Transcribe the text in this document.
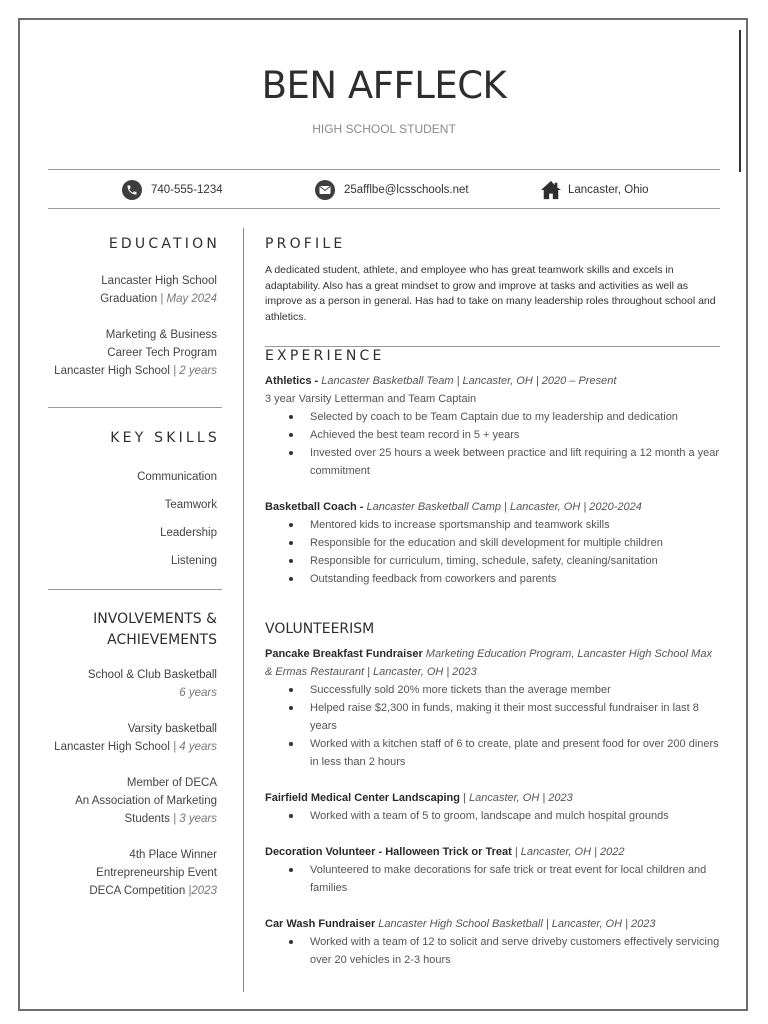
BEN AFFLECK
HIGH SCHOOL STUDENT
740-555-1234	25afflbe@lcsschools.net	Lancaster, Ohio
EDUCATION
Lancaster High School
Graduation | May 2024
Marketing & Business
Career Tech Program
Lancaster High School | 2 years
KEY SKILLS
Communication
Teamwork
Leadership
Listening
INVOLVEMENTS &
ACHIEVEMENTS
School & Club Basketball
6 years
Varsity basketball
Lancaster High School | 4 years
Member of DECA
An Association of Marketing
Students | 3 years
4th Place Winner
Entrepreneurship Event
DECA Competition |2023
PROFILE
A dedicated student, athlete, and employee who has great teamwork skills and excels in adaptability. Also has a great mindset to grow and improve at tasks and activities as well as improve as a person in general. Has had to take on many leadership roles throughout school and athletics.
EXPERIENCE
Athletics - Lancaster Basketball Team | Lancaster, OH | 2020 – Present
3 year Varsity Letterman and Team Captain
Selected by coach to be Team Captain due to my leadership and dedication
Achieved the best team record in 5 + years
Invested over 25 hours a week between practice and lift requiring a 12 month a year commitment
Basketball Coach - Lancaster Basketball Camp | Lancaster, OH | 2020-2024
Mentored kids to increase sportsmanship and teamwork skills
Responsible for the education and skill development for multiple children
Responsible for curriculum, timing, schedule, safety, cleaning/sanitation
Outstanding feedback from coworkers and parents
VOLUNTEERISM
Pancake Breakfast Fundraiser Marketing Education Program, Lancaster High School Max & Ermas Restaurant | Lancaster, OH | 2023
Successfully sold 20% more tickets than the average member
Helped raise $2,300 in funds, making it their most successful fundraiser in last 8 years
Worked with a kitchen staff of 6 to create, plate and present food for over 200 diners in less than 2 hours
Fairfield Medical Center Landscaping | Lancaster, OH | 2023
Worked with a team of 5 to groom, landscape and mulch hospital grounds
Decoration Volunteer - Halloween Trick or Treat | Lancaster, OH | 2022
Volunteered to make decorations for safe trick or treat event for local children and families
Car Wash Fundraiser Lancaster High School Basketball | Lancaster, OH | 2023
Worked with a team of 12 to solicit and serve driveby customers effectively servicing over 20 vehicles in 2-3 hours
